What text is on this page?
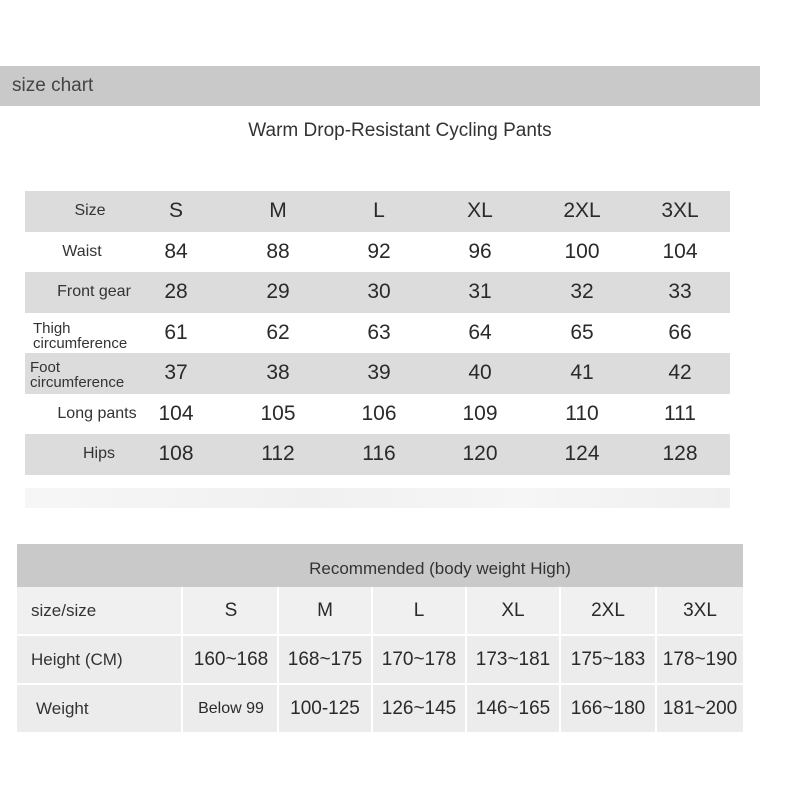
size chart
Warm Drop-Resistant Cycling Pants
Size	S	M	L	XL	2XL	3XL
Waist	84	88	92	96	100	104
Front gear	28	29	30	31	32	33
Thigh
circumference	61	62	63	64	65	66
Foot
circumference	37	38	39	40	41	42
Long pants	104	105	106	109	110	111
Hips	108	112	116	120	124	128
Recommended (body weight High)
size/size	S	M	L	XL	2XL	3XL
Height (CM)	160~168	168~175	170~178	173~181	175~183 178~190
Weight	Below 99	100-125	126~145	146~165	166~180 181~200
